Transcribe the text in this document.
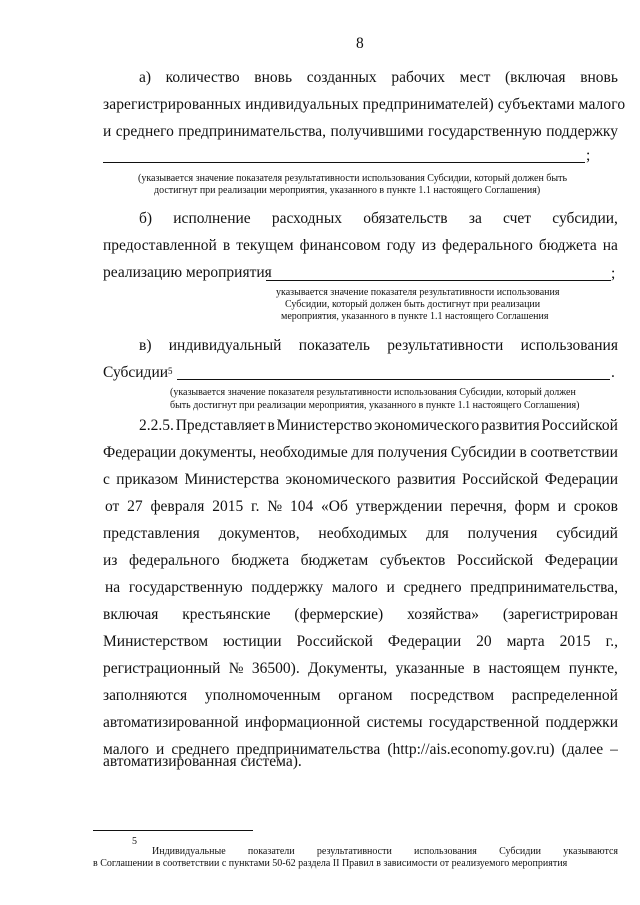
8
а) количество вновь созданных рабочих мест (включая вновь
зарегистрированных индивидуальных предпринимателей) субъектами малого
и среднего предпринимательства, получившими государственную поддержку
;
(указывается значение показателя результативности использования Субсидии, который должен быть
достигнут при реализации мероприятия, указанного в пункте 1.1 настоящего Соглашения)
б) исполнение расходных обязательств за счет субсидии,
предоставленной в текущем финансовом году из федерального бюджета на
реализацию мероприятия	;
указывается значение показателя результативности использования
Субсидии, который должен быть достигнут при реализации
мероприятия, указанного в пункте 1.1 настоящего Соглашения
в) индивидуальный показатель результативности использования
Субсидии$^5$	.
(указывается значение показателя результативности использования Субсидии, который должен
быть достигнут при реализации мероприятия, указанного в пункте 1.1 настоящего Соглашения)
2.2.5. Представляет в Министерство экономического развития Российской
Федерации документы, необходимые для получения Субсидии в соответствии
с приказом Министерства экономического развития Российской Федерации
от 27 февраля 2015 г. № 104 «Об утверждении перечня, форм и сроков
представления документов, необходимых для получения субсидий
из федерального бюджета бюджетам субъектов Российской Федерации
на государственную поддержку малого и среднего предпринимательства,
включая крестьянские (фермерские) хозяйства» (зарегистрирован
Министерством юстиции Российской Федерации 20 марта 2015 г.,
регистрационный № 36500). Документы, указанные в настоящем пункте,
заполняются уполномоченным органом посредством распределенной
автоматизированной информационной системы государственной поддержки
малого и среднего предпринимательства (http://ais.economy.gov.ru) (далее –
автоматизированная система).
5
Индивидуальные показатели результативности использования Субсидии указываются
в Соглашении в соответствии с пунктами 50-62 раздела II Правил в зависимости от реализуемого мероприятия
